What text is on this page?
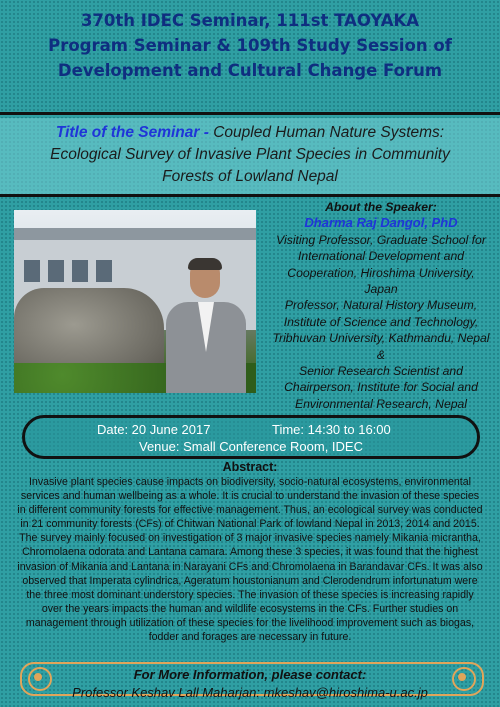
370th IDEC Seminar, 111st TAOYAKA
Program Seminar & 109th Study Session of
Development and Cultural Change Forum
Title of the Seminar - Coupled Human Nature Systems:
Ecological Survey of Invasive Plant Species in Community
Forests of Lowland Nepal
About the Speaker:
Dharma Raj Dangol, PhD
Visiting Professor, Graduate School for
International Development and
Cooperation, Hiroshima University,
Japan
Professor, Natural History Museum,
Institute of Science and Technology,
Tribhuvan University, Kathmandu, Nepal
&
Senior Research Scientist and
Chairperson, Institute for Social and
Environmental Research, Nepal
Date: 20 June 2017	Time: 14:30 to 16:00
Venue: Small Conference Room, IDEC
Abstract:
Invasive plant species cause impacts on biodiversity, socio-natural ecosystems, environmental services and human wellbeing as a whole. It is crucial to understand the invasion of these species in different community forests for effective management. Thus, an ecological survey was conducted in 21 community forests (CFs) of Chitwan National Park of lowland Nepal in 2013, 2014 and 2015. The survey mainly focused on investigation of 3 major invasive species namely Mikania micrantha, Chromolaena odorata and Lantana camara. Among these 3 species, it was found that the highest invasion of Mikania and Lantana in Narayani CFs and Chromolaena in Barandavar CFs. It was also observed that Imperata cylindrica, Ageratum houstonianum and Clerodendrum infortunatum were the three most dominant understory species. The invasion of these species is increasing rapidly over the years impacts the human and wildlife ecosystems in the CFs. Further studies on management through utilization of these species for the livelihood improvement such as biogas, fodder and forages are necessary in future.
For More Information, please contact:
Professor Keshav Lall Maharjan: mkeshav@hiroshima-u.ac.jp
